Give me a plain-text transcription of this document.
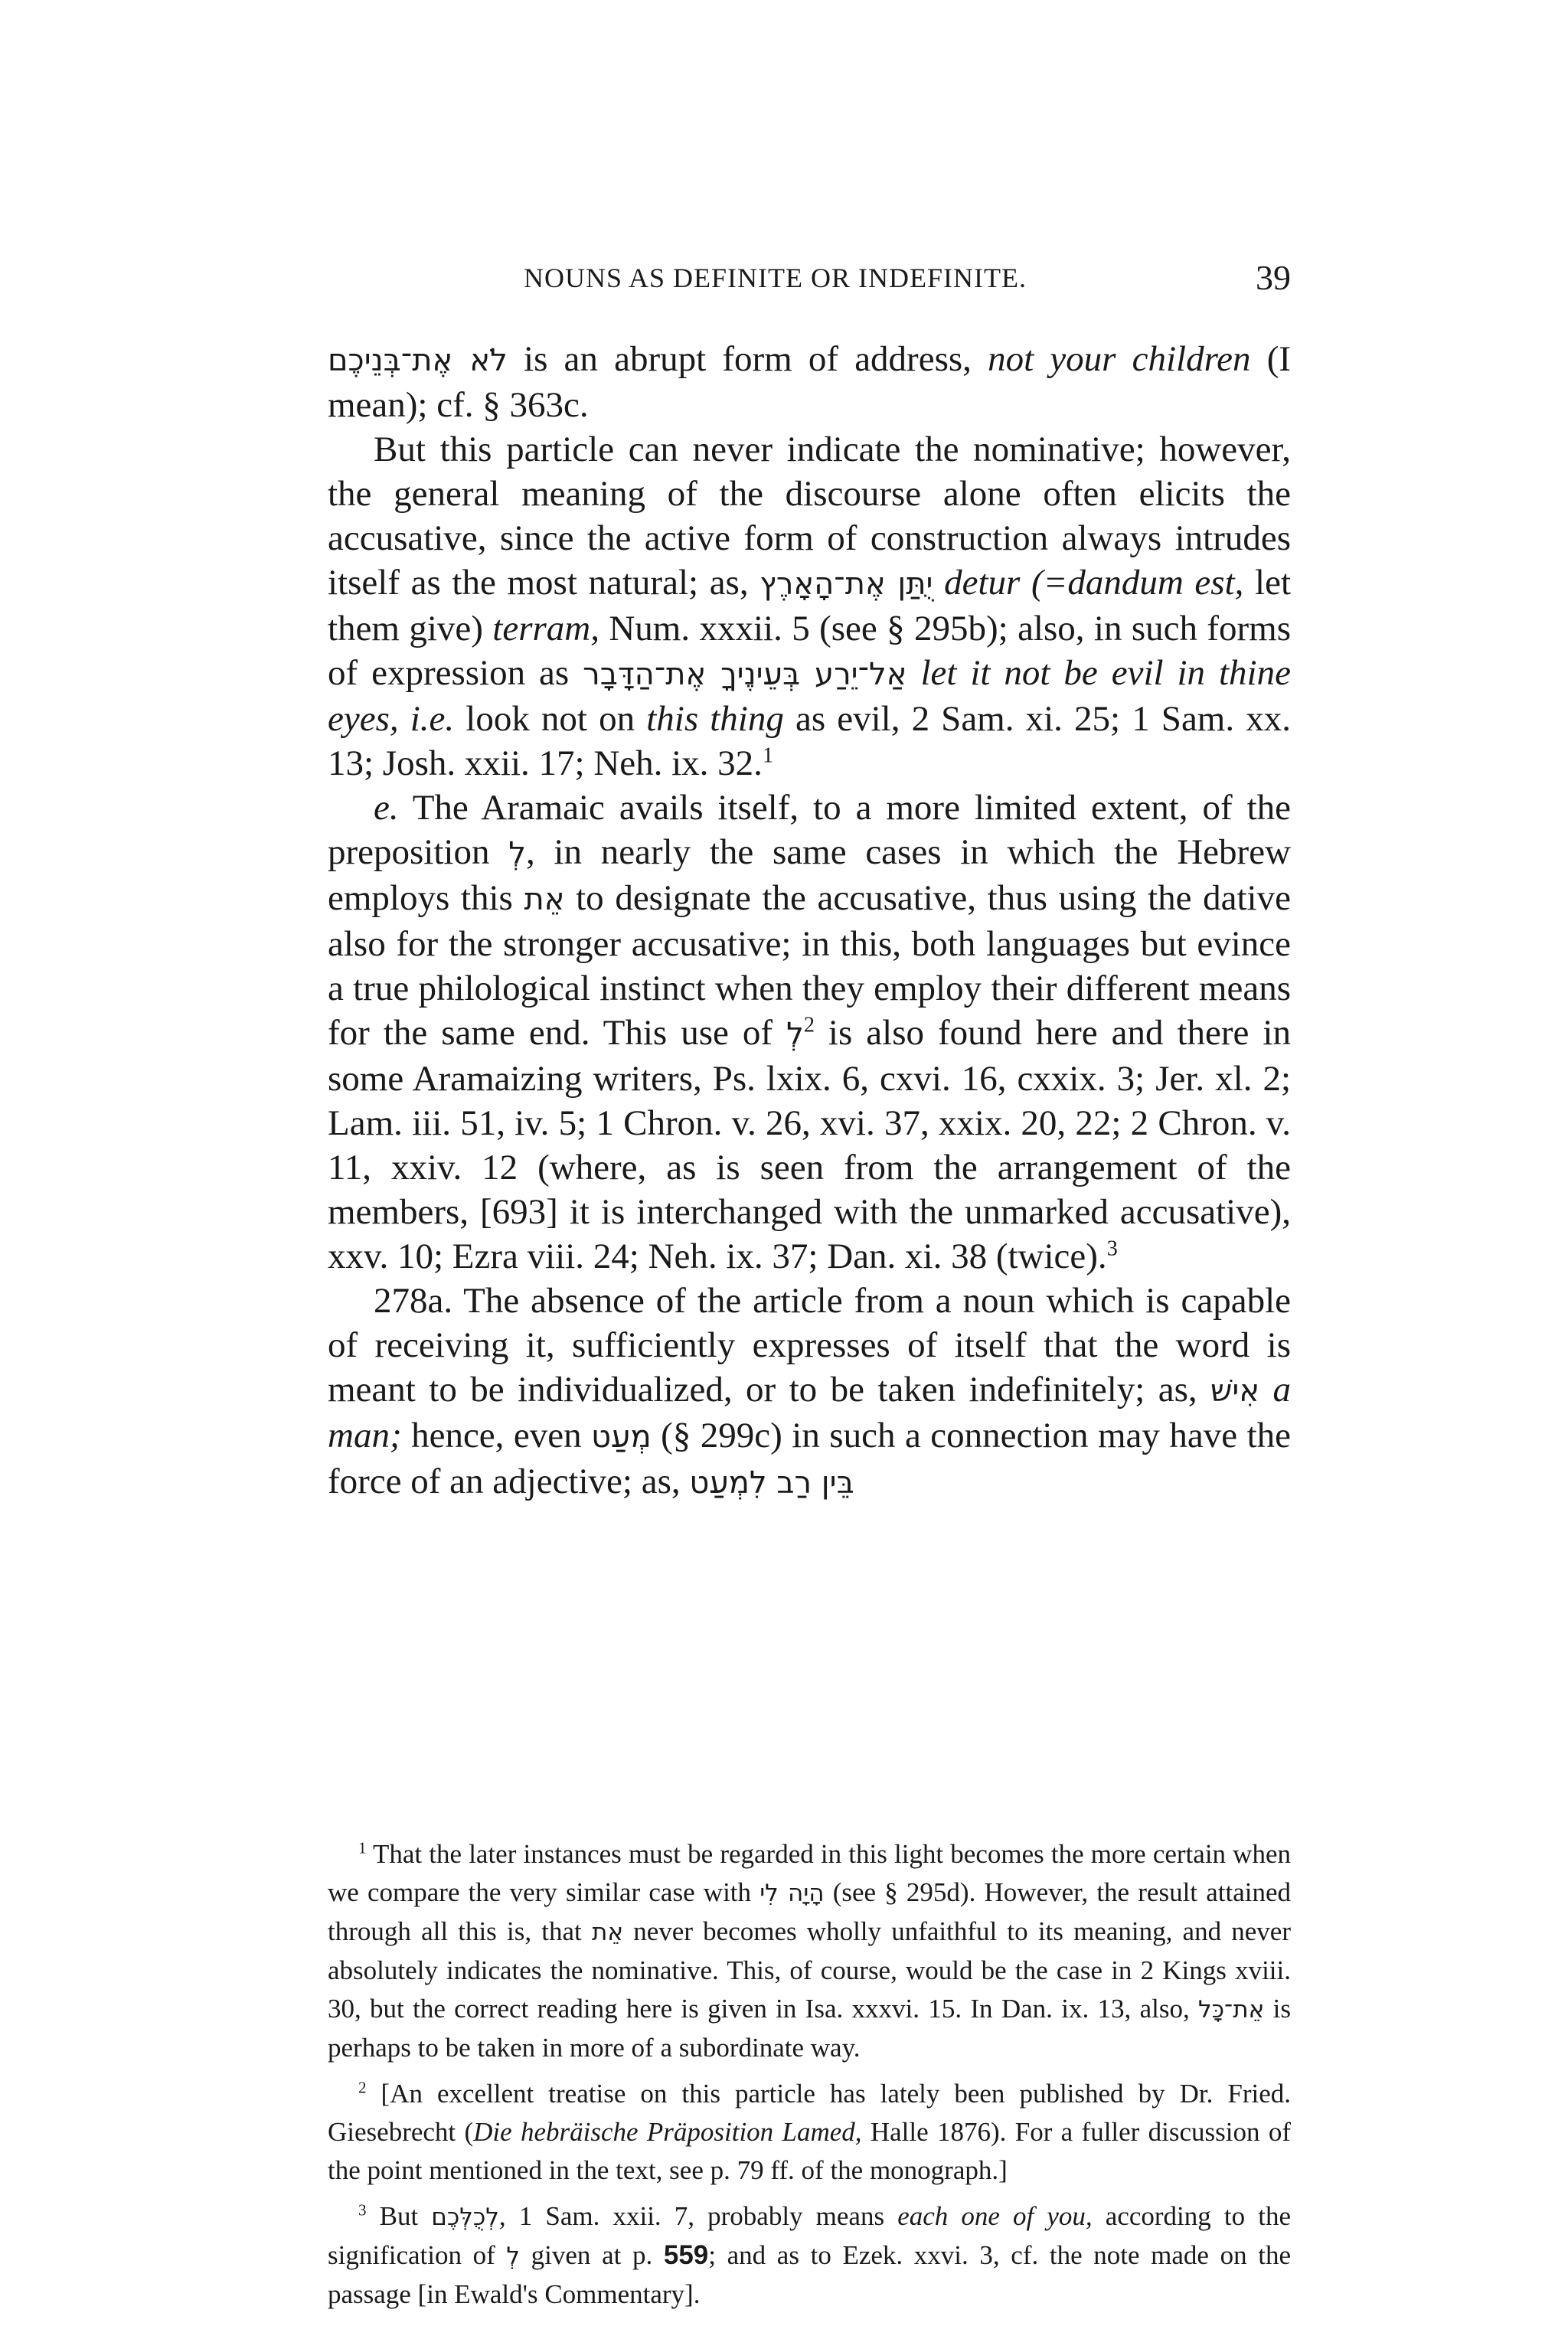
NOUNS AS DEFINITE OR INDEFINITE.	39

לֹא אֶת־בְּנֵיכֶם is an abrupt form of address, not your children (I mean); cf. § 363c.

But this particle can never indicate the nominative; however, the general meaning of the discourse alone often elicits the accusative, since the active form of construction always intrudes itself as the most natural; as, יֻתַּן אֶת־הָאָרֶץ detur (=dandum est, let them give) terram, Num. xxxii. 5 (see § 295b); also, in such forms of expression as אַל־יֵרַע בְּעֵינֶיךָ אֶת־הַדָּבָר let it not be evil in thine eyes, i.e. look not on this thing as evil, 2 Sam. xi. 25; 1 Sam. xx. 13; Josh. xxii. 17; Neh. ix. 32.$^1$

e. The Aramaic avails itself, to a more limited extent, of the preposition לְ, in nearly the same cases in which the Hebrew employs this אֵת to designate the accusative, thus using the dative also for the stronger accusative; in this, both languages but evince a true philological instinct when they employ their different means for the same end. This use of לְ$^2$ is also found here and there in some Aramaizing writers, Ps. lxix. 6, cxvi. 16, cxxix. 3; Jer. xl. 2; Lam. iii. 51, iv. 5; 1 Chron. v. 26, xvi. 37, xxix. 20, 22; 2 Chron. v. 11, xxiv. 12 (where, as is seen from the arrangement of the members, [693] it is interchanged with the unmarked accusative), xxv. 10; Ezra viii. 24; Neh. ix. 37; Dan. xi. 38 (twice).$^3$

278a. The absence of the article from a noun which is capable of receiving it, sufficiently expresses of itself that the word is meant to be individualized, or to be taken indefinitely; as, אִישׁ a man; hence, even מְעַט (§ 299c) in such a connection may have the force of an adjective; as, בֵּין רַב לִמְעַט

$^1$ That the later instances must be regarded in this light becomes the more certain when we compare the very similar case with הָיָה לִי (see § 295d). However, the result attained through all this is, that אֵת never becomes wholly unfaithful to its meaning, and never absolutely indicates the nominative. This, of course, would be the case in 2 Kings xviii. 30, but the correct reading here is given in Isa. xxxvi. 15. In Dan. ix. 13, also, אֵת־כָּל is perhaps to be taken in more of a subordinate way.

$^2$ [An excellent treatise on this particle has lately been published by Dr. Fried. Giesebrecht (Die hebräische Präposition Lamed, Halle 1876). For a fuller discussion of the point mentioned in the text, see p. 79 ff. of the monograph.]

$^3$ But לְכֻלְּכֶם, 1 Sam. xxii. 7, probably means each one of you, according to the signification of לְ given at p. 559; and as to Ezek. xxvi. 3, cf. the note made on the passage [in Ewald's Commentary].
